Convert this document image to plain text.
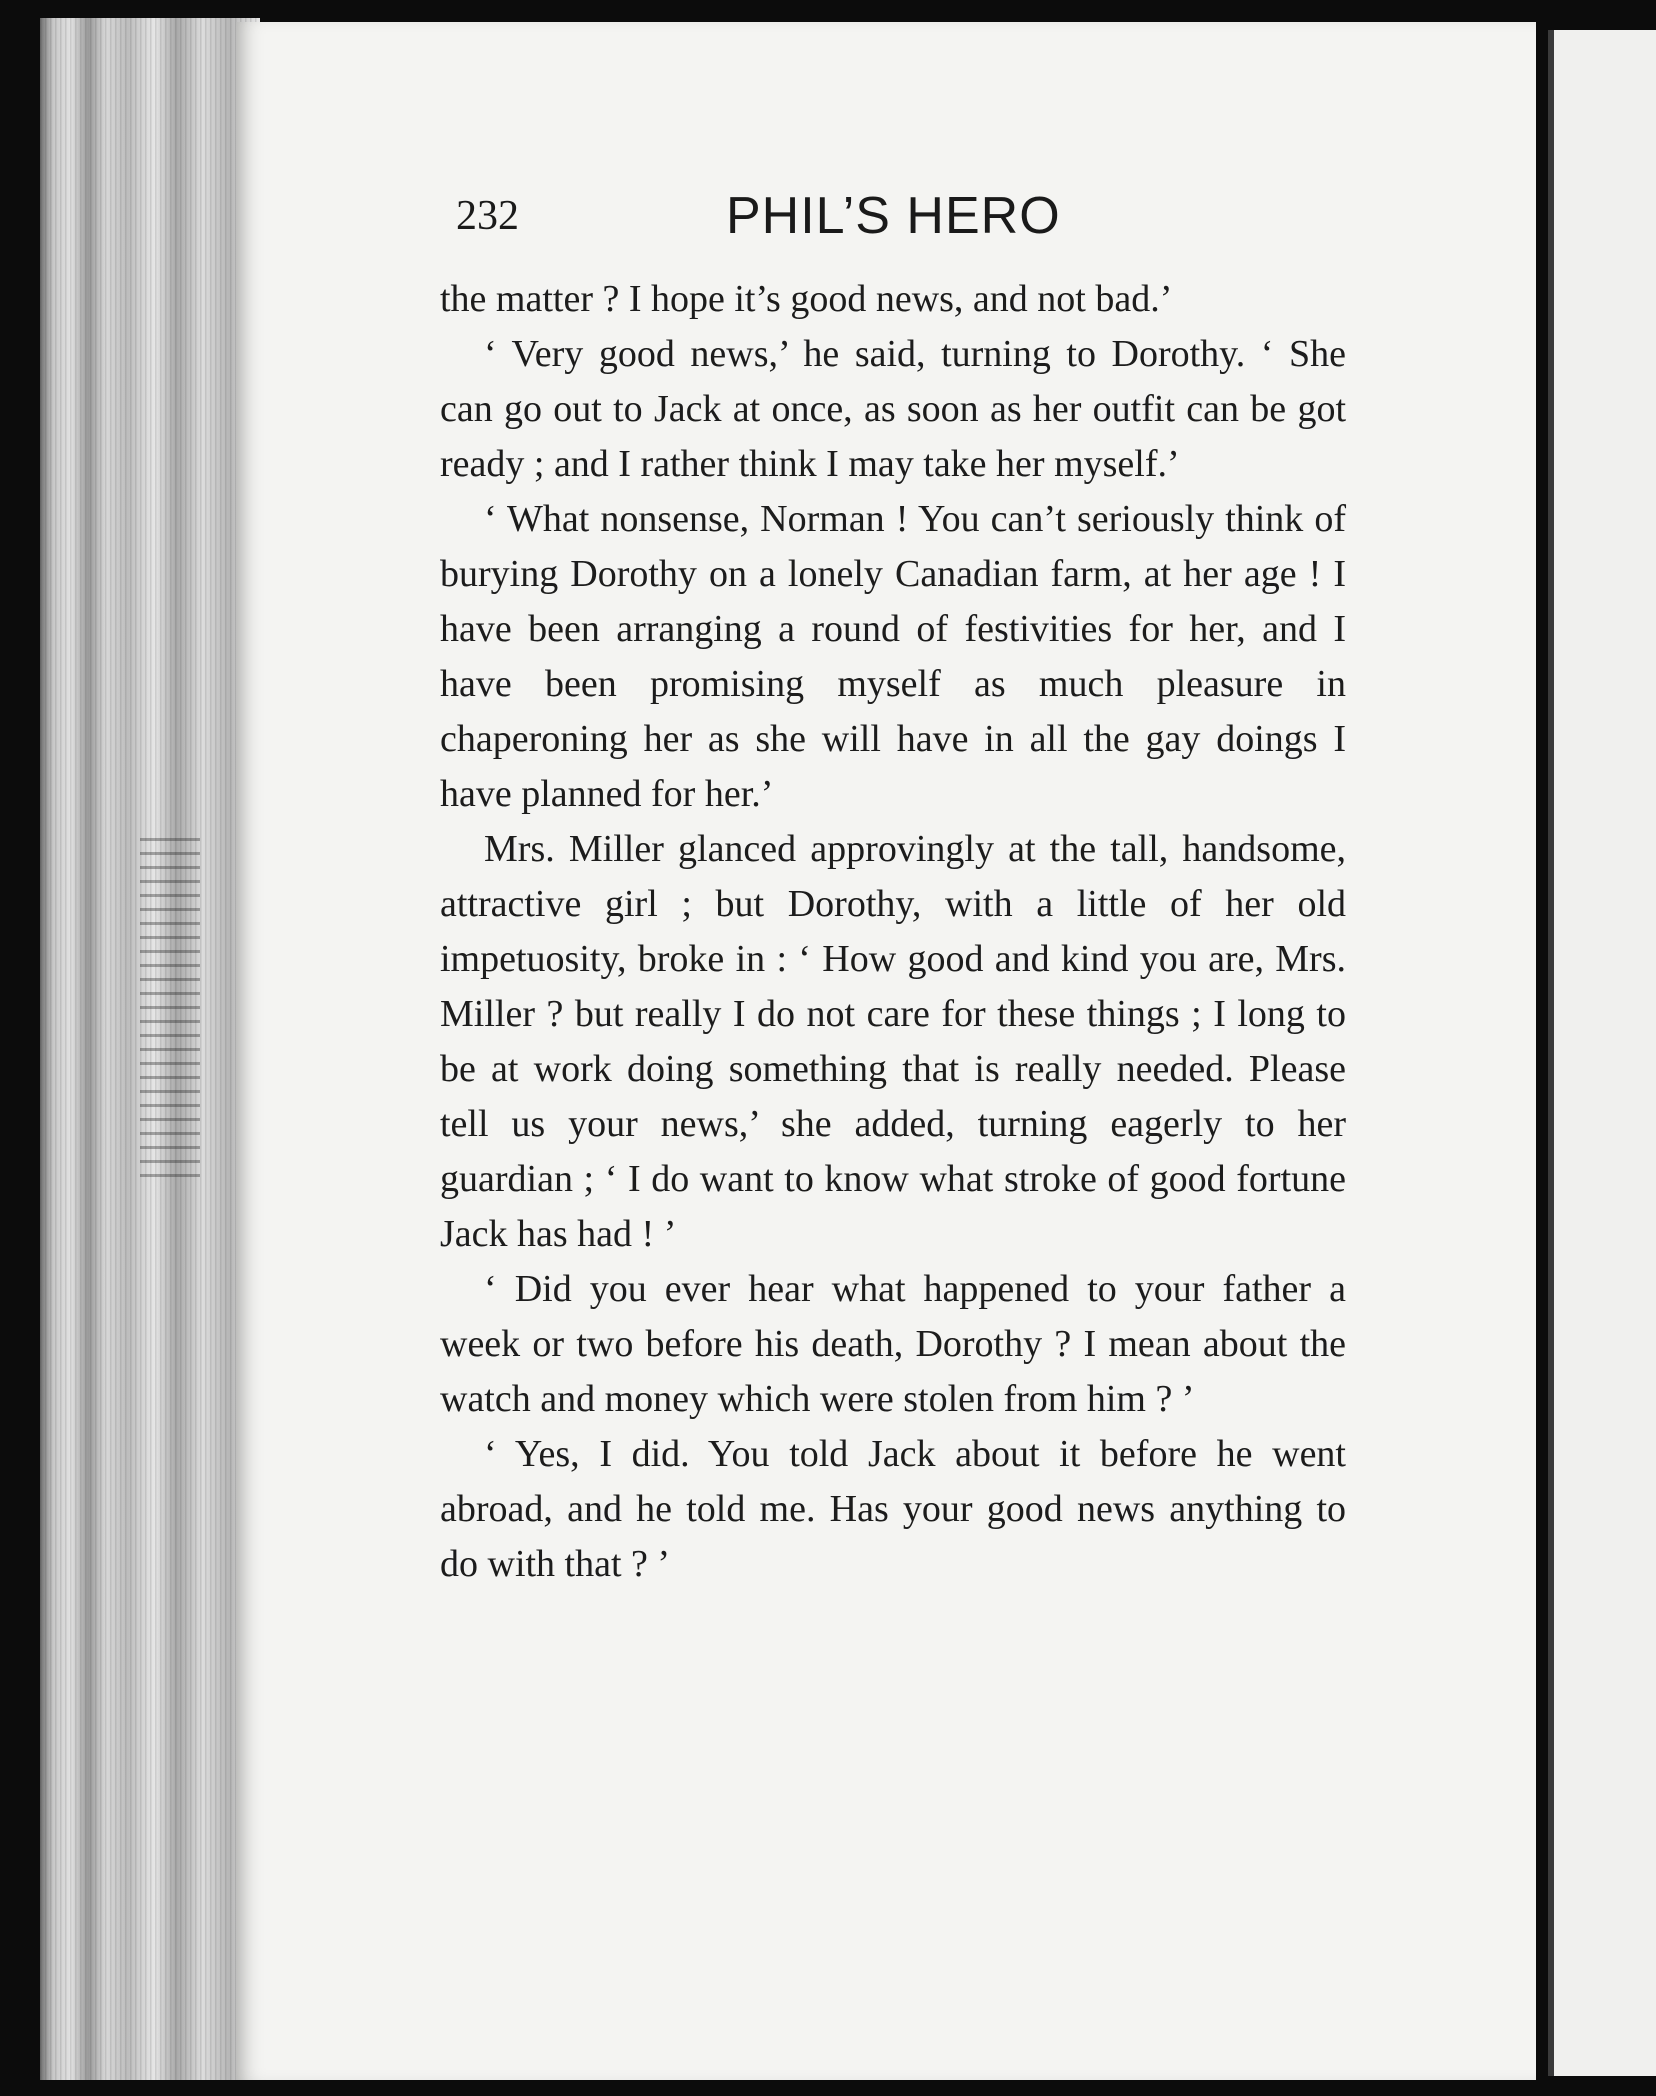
232	PHIL’S HERO

the matter ? I hope it’s good news, and not bad.’

‘ Very good news,’ he said, turning to Dorothy. ‘ She can go out to Jack at once, as soon as her outfit can be got ready ; and I rather think I may take her myself.’

‘ What nonsense, Norman ! You can’t seriously think of burying Dorothy on a lonely Canadian farm, at her age ! I have been arranging a round of festivities for her, and I have been promising myself as much pleasure in chaperoning her as she will have in all the gay doings I have planned for her.’

Mrs. Miller glanced approvingly at the tall, handsome, attractive girl ; but Dorothy, with a little of her old impetuosity, broke in : ‘ How good and kind you are, Mrs. Miller ? but really I do not care for these things ; I long to be at work doing something that is really needed. Please tell us your news,’ she added, turning eagerly to her guardian ; ‘ I do want to know what stroke of good fortune Jack has had ! ’

‘ Did you ever hear what happened to your father a week or two before his death, Dorothy ? I mean about the watch and money which were stolen from him ? ’

‘ Yes, I did. You told Jack about it before he went abroad, and he told me. Has your good news anything to do with that ? ’
